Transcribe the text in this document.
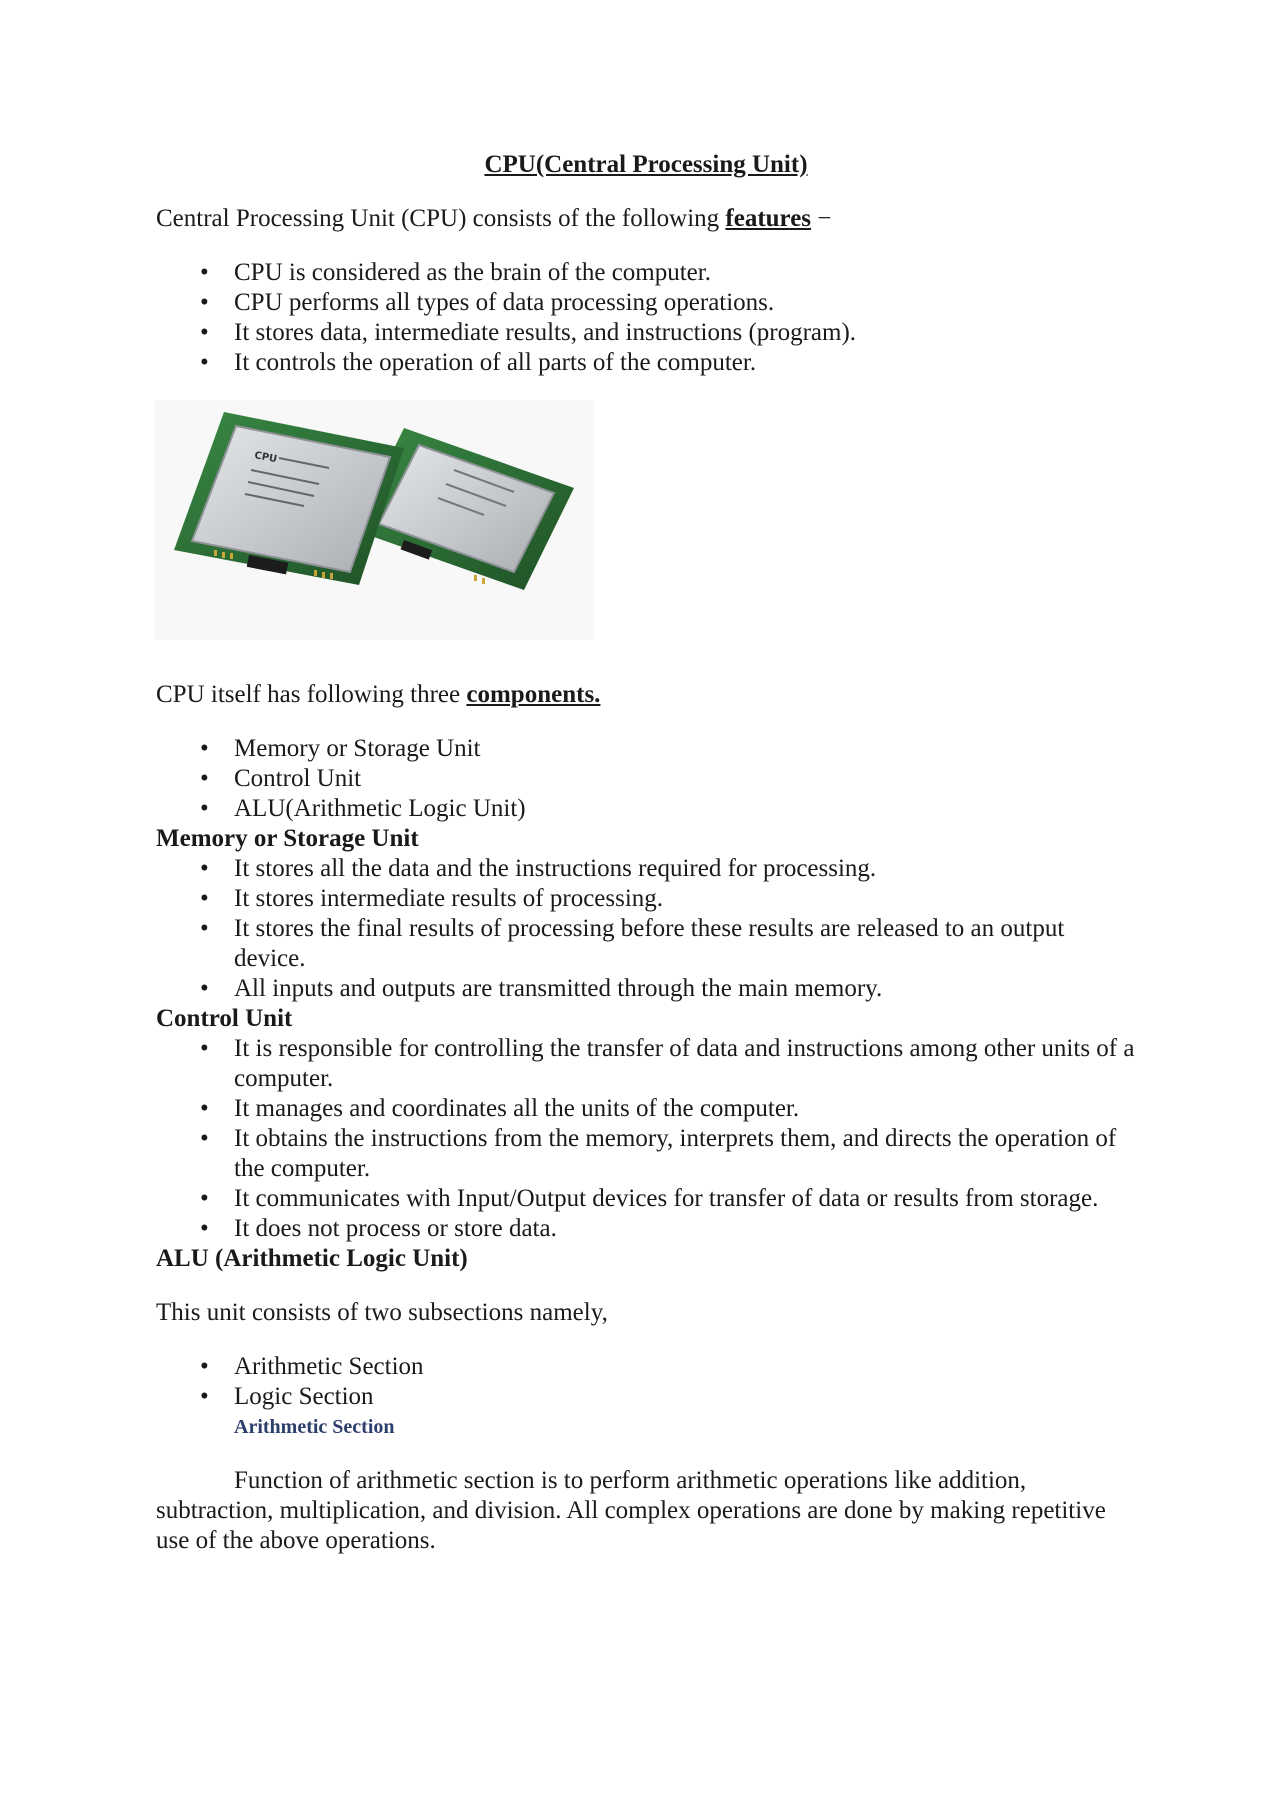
CPU(Central Processing Unit)

Central Processing Unit (CPU) consists of the following features −

• CPU is considered as the brain of the computer.
• CPU performs all types of data processing operations.
• It stores data, intermediate results, and instructions (program).
• It controls the operation of all parts of the computer.
CPU

CPU itself has following three components.

• Memory or Storage Unit
• Control Unit
• ALU(Arithmetic Logic Unit)

Memory or Storage Unit

• It stores all the data and the instructions required for processing.
• It stores intermediate results of processing.
• It stores the final results of processing before these results are released to an output device.
• All inputs and outputs are transmitted through the main memory.

Control Unit

• It is responsible for controlling the transfer of data and instructions among other units of a computer.
• It manages and coordinates all the units of the computer.
• It obtains the instructions from the memory, interprets them, and directs the operation of the computer.
• It communicates with Input/Output devices for transfer of data or results from storage.
• It does not process or store data.

ALU (Arithmetic Logic Unit)

This unit consists of two subsections namely,

• Arithmetic Section
• Logic Section

Arithmetic Section

Function of arithmetic section is to perform arithmetic operations like addition, subtraction, multiplication, and division. All complex operations are done by making repetitive use of the above operations.
